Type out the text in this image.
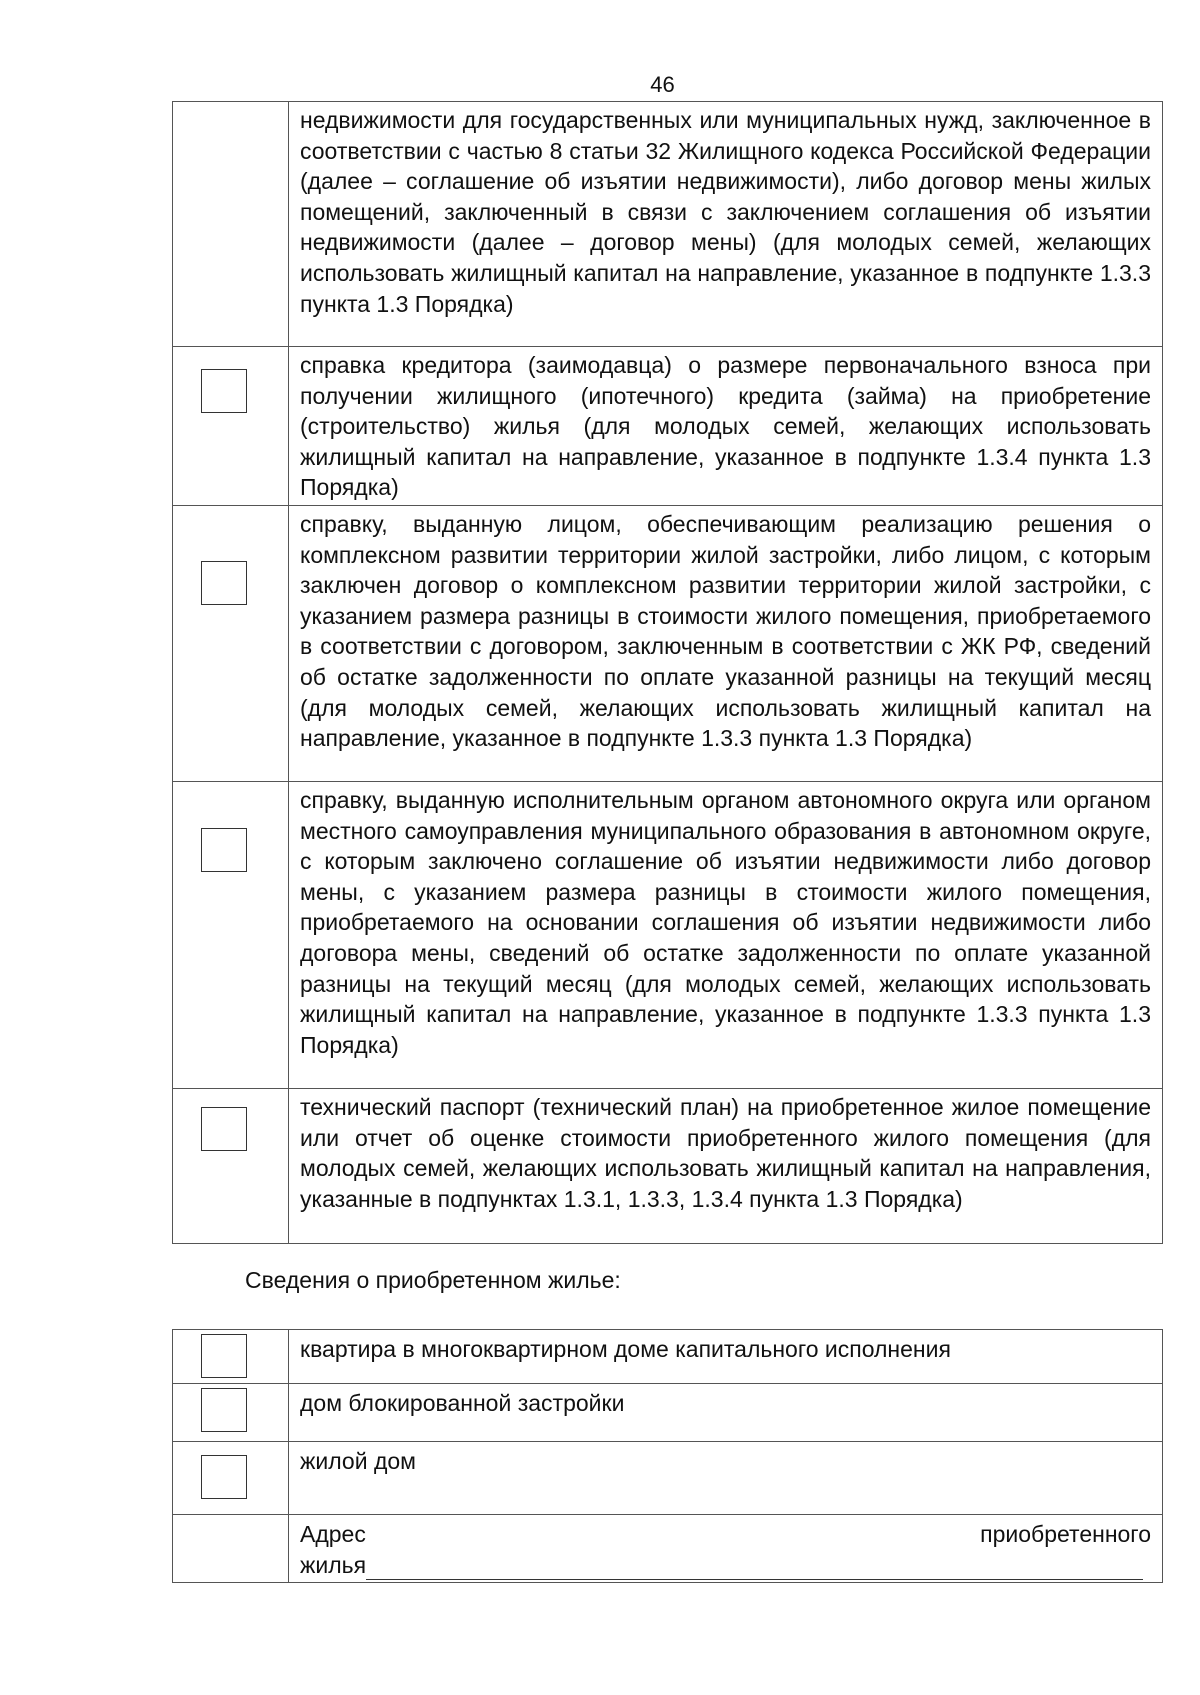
46
	недвижимости для государственных или муниципальных нужд, заключенное в соответствии с частью 8 статьи 32 Жилищного кодекса Российской Федерации (далее – соглашение об изъятии недвижимости), либо договор мены жилых помещений, заключенный в связи с заключением соглашения об изъятии недвижимости (далее – договор мены) (для молодых семей, желающих использовать жилищный капитал на направление, указанное в подпункте 1.3.3 пункта 1.3 Порядка)

	справка кредитора (заимодавца) о размере первоначального взноса при получении жилищного (ипотечного) кредита (займа) на приобретение (строительство) жилья (для молодых семей, желающих использовать жилищный капитал на направление, указанное в подпункте 1.3.4 пункта 1.3 Порядка)

	справку, выданную лицом, обеспечивающим реализацию решения о комплексном развитии территории жилой застройки, либо лицом, с которым заключен договор о комплексном развитии территории жилой застройки, с указанием размера разницы в стоимости жилого помещения, приобретаемого в соответствии с договором, заключенным в соответствии с ЖК РФ, сведений об остатке задолженности по оплате указанной разницы на текущий месяц (для молодых семей, желающих использовать жилищный капитал на направление, указанное в подпункте 1.3.3 пункта 1.3 Порядка)

	справку, выданную исполнительным органом автономного округа или органом местного самоуправления муниципального образования в автономном округе, с которым заключено соглашение об изъятии недвижимости либо договор мены, с указанием размера разницы в стоимости жилого помещения, приобретаемого на основании соглашения об изъятии недвижимости либо договора мены, сведений об остатке задолженности по оплате указанной разницы на текущий месяц (для молодых семей, желающих использовать жилищный капитал на направление, указанное в подпункте 1.3.3 пункта 1.3 Порядка)

	технический паспорт (технический план) на приобретенное жилое помещение или отчет об оценке стоимости приобретенного жилого помещения (для молодых семей, желающих использовать жилищный капитал на направления, указанные в подпунктах 1.3.1, 1.3.3, 1.3.4 пункта 1.3 Порядка)
Сведения о приобретенном жилье:
	квартира в многоквартирном доме капитального исполнения

	дом блокированной застройки

	жилой дом

	Адрес приобретенного
жилья
